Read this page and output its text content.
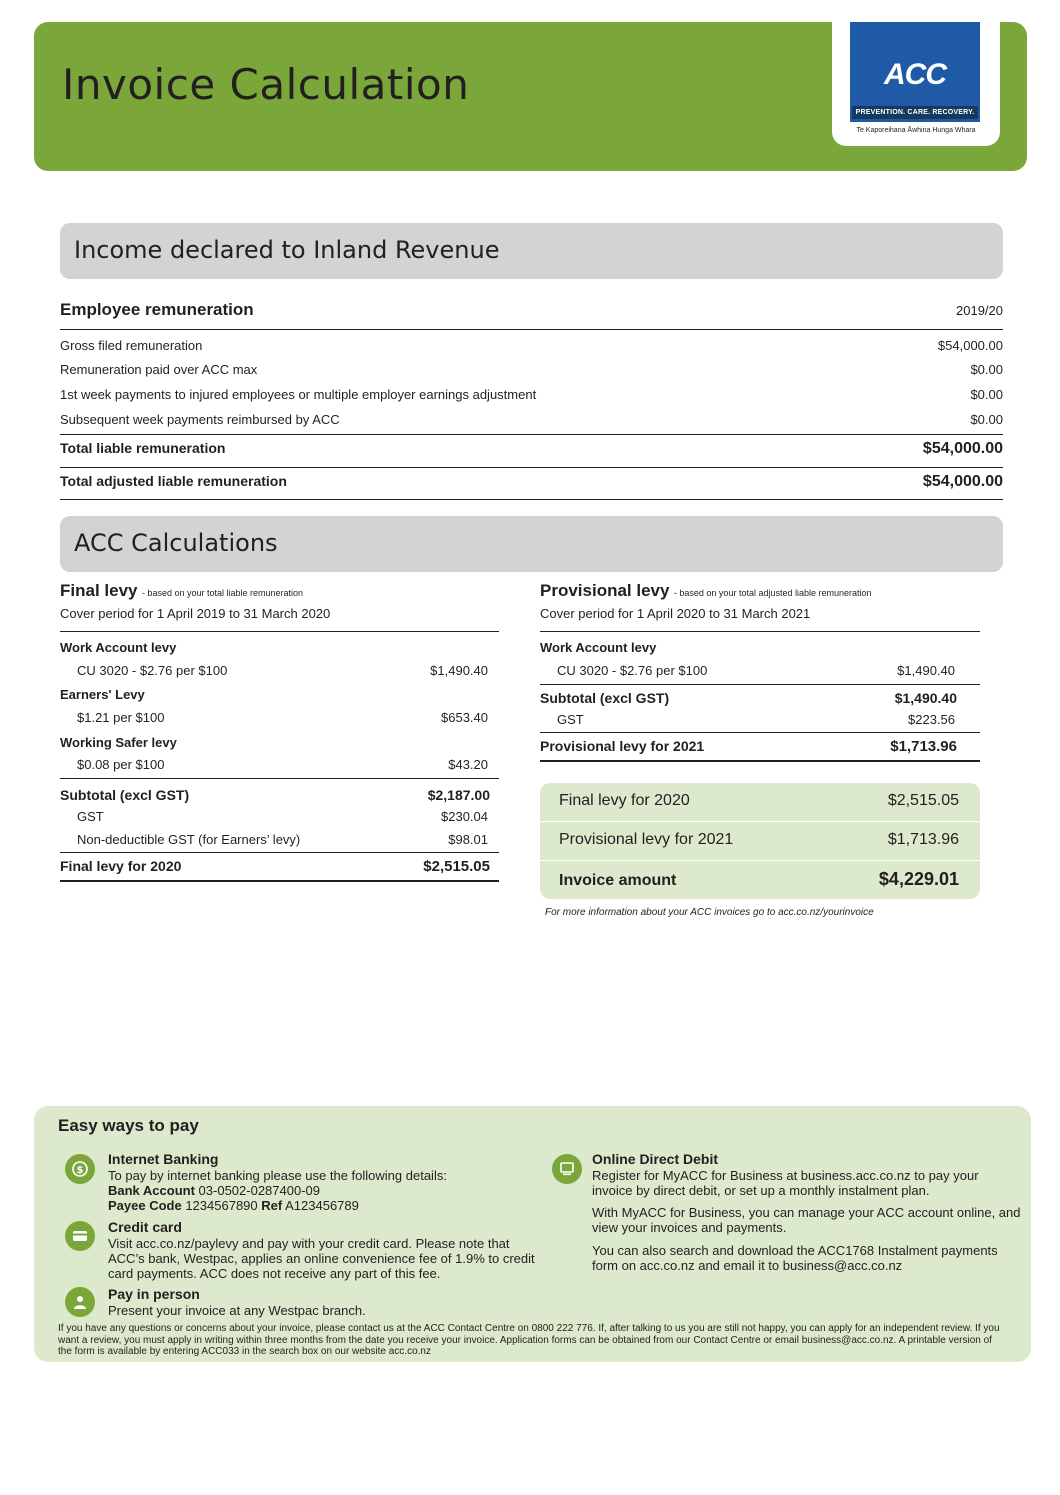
Invoice Calculation	ACC
PREVENTION. CARE. RECOVERY.
Te Kaporeihana Āwhina Hunga Whara
Income declared to Inland Revenue
Employee remuneration	2019/20
Gross filed remuneration	$54,000.00
Remuneration paid over ACC max	$0.00
1st week payments to injured employees or multiple employer earnings adjustment	$0.00
Subsequent week payments reimbursed by ACC	$0.00
Total liable remuneration	$54,000.00
Total adjusted liable remuneration	$54,000.00
ACC Calculations
Final levy - based on your total liable remuneration
Cover period for 1 April 2019 to 31 March 2020
Work Account levy
CU 3020 - $2.76 per $100	$1,490.40
Earners' Levy
$1.21 per $100	$653.40
Working Safer levy
$0.08 per $100	$43.20
Subtotal (excl GST)	$2,187.00
GST	$230.04
Non-deductible GST (for Earners’ levy)	$98.01
Final levy for 2020	$2,515.05
Provisional levy - based on your total adjusted liable remuneration
Cover period for 1 April 2020 to 31 March 2021
Work Account levy
CU 3020 - $2.76 per $100	$1,490.40
Subtotal (excl GST)	$1,490.40
GST	$223.56
Provisional levy for 2021	$1,713.96
Final levy for 2020	$2,515.05
Provisional levy for 2021	$1,713.96
Invoice amount	$4,229.01
For more information about your ACC invoices go to acc.co.nz/yourinvoice
Easy ways to pay
$
Internet Banking
To pay by internet banking please use the following details:
Bank Account 03-0502-0287400-09
Payee Code 1234567890 Ref A123456789
Credit card
Visit acc.co.nz/paylevy and pay with your credit card. Please note that ACC’s bank, Westpac, applies an online convenience fee of 1.9% to credit card payments. ACC does not receive any part of this fee.
Pay in person
Present your invoice at any Westpac branch.
Online Direct Debit
Register for MyACC for Business at business.acc.co.nz to pay your invoice by direct debit, or set up a monthly instalment plan.
With MyACC for Business, you can manage your ACC account online, and view your invoices and payments.
You can also search and download the ACC1768 Instalment payments form on acc.co.nz and email it to business@acc.co.nz
If you have any questions or concerns about your invoice, please contact us at the ACC Contact Centre on 0800 222 776. If, after talking to us you are still not happy, you can apply for an independent review. If you want a review, you must apply in writing within three months from the date you receive your invoice. Application forms can be obtained from our Contact Centre or email business@acc.co.nz. A printable version of the form is available by entering ACC033 in the search box on our website acc.co.nz
